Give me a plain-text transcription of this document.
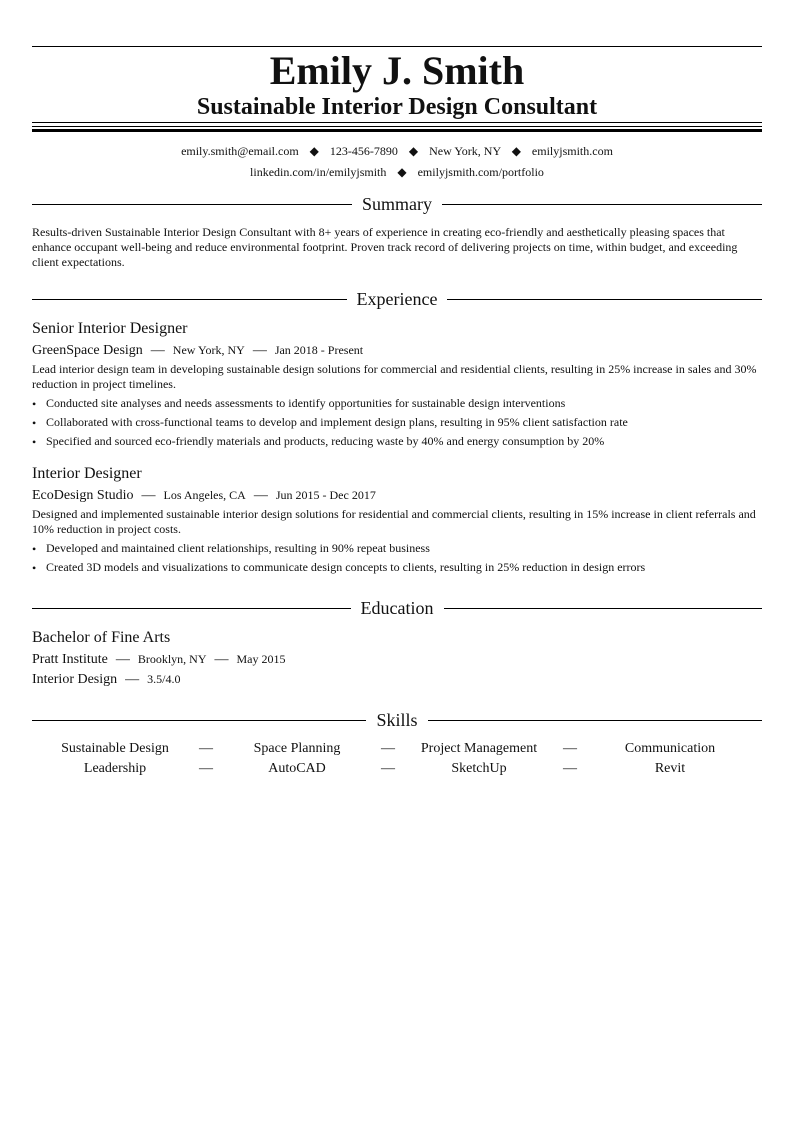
Emily J. Smith
Sustainable Interior Design Consultant
emily.smith@email.com ◆ 123-456-7890 ◆ New York, NY ◆ emilyjsmith.com
linkedin.com/in/emilyjsmith ◆ emilyjsmith.com/portfolio
Summary
Results-driven Sustainable Interior Design Consultant with 8+ years of experience in creating eco-friendly and aesthetically pleasing spaces that enhance occupant well-being and reduce environmental footprint. Proven track record of delivering projects on time, within budget, and exceeding client expectations.
Experience
Senior Interior Designer
GreenSpace Design — New York, NY — Jan 2018 - Present
Lead interior design team in developing sustainable design solutions for commercial and residential clients, resulting in 25% increase in sales and 30% reduction in project timelines.
• Conducted site analyses and needs assessments to identify opportunities for sustainable design interventions
• Collaborated with cross-functional teams to develop and implement design plans, resulting in 95% client satisfaction rate
• Specified and sourced eco-friendly materials and products, reducing waste by 40% and energy consumption by 20%
Interior Designer
EcoDesign Studio — Los Angeles, CA — Jun 2015 - Dec 2017
Designed and implemented sustainable interior design solutions for residential and commercial clients, resulting in 15% increase in client referrals and 10% reduction in project costs.
• Developed and maintained client relationships, resulting in 90% repeat business
• Created 3D models and visualizations to communicate design concepts to clients, resulting in 25% reduction in design errors
Education
Bachelor of Fine Arts
Pratt Institute — Brooklyn, NY — May 2015
Interior Design — 3.5/4.0
Skills
Sustainable Design	—	Space Planning	—	Project Management	—	Communication
Leadership	—	AutoCAD	—	SketchUp	—	Revit
